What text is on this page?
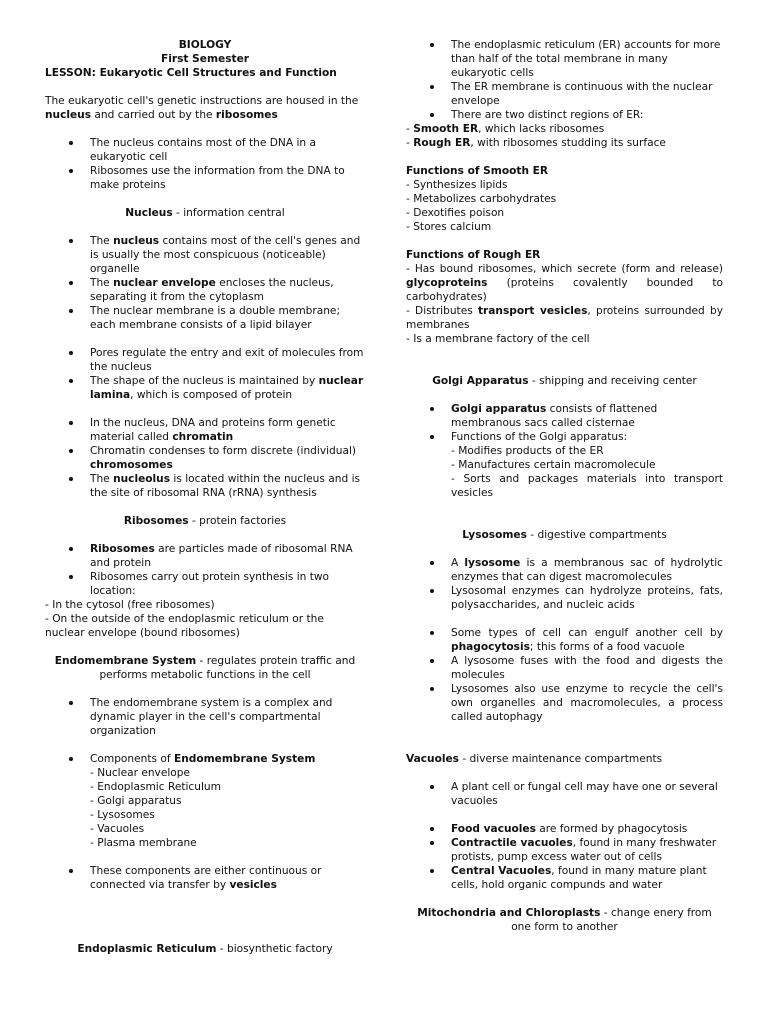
BIOLOGY

First Semester

LESSON: Eukaryotic Cell Structures and Function

The eukaryotic cell's genetic instructions are housed in the
nucleus and carried out by the ribosomes

The nucleus contains most of the DNA in a eukaryotic cell
Ribosomes use the information from the DNA to make proteins

Nucleus - information central

The nucleus contains most of the cell's genes and is usually the most conspicuous (noticeable) organelle
The nuclear envelope encloses the nucleus, separating it from the cytoplasm
The nuclear membrane is a double membrane; each membrane consists of a lipid bilayer
Pores regulate the entry and exit of molecules from the nucleus
The shape of the nucleus is maintained by nuclear lamina, which is composed of protein
In the nucleus, DNA and proteins form genetic material called chromatin
Chromatin condenses to form discrete (individual) chromosomes
The nucleolus is located within the nucleus and is the site of ribosomal RNA (rRNA) synthesis

Ribosomes - protein factories

Ribosomes are particles made of ribosomal RNA and protein
Ribosomes carry out protein synthesis in two location:

- In the cytosol (free ribosomes)

- On the outside of the endoplasmic reticulum or the nuclear envelope (bound ribosomes)

Endomembrane System - regulates protein traffic and performs metabolic functions in the cell

The endomembrane system is a complex and dynamic player in the cell's compartmental organization
Components of Endomembrane System
- Nuclear envelope
- Endoplasmic Reticulum
- Golgi apparatus
- Lysosomes
- Vacuoles
- Plasma membrane
These components are either continuous or connected via transfer by vesicles

Endoplasmic Reticulum - biosynthetic factory

The endoplasmic reticulum (ER) accounts for more than half of the total membrane in many eukaryotic cells
The ER membrane is continuous with the nuclear envelope
There are two distinct regions of ER:

- Smooth ER, which lacks ribosomes

- Rough ER, with ribosomes studding its surface

Functions of Smooth ER

- Synthesizes lipids

- Metabolizes carbohydrates

- Dexotifies poison

- Stores calcium

Functions of Rough ER

- Has bound ribosomes, which secrete (form and release) glycoproteins (proteins covalently bounded to carbohydrates)

- Distributes transport vesicles, proteins surrounded by membranes

- Is a membrane factory of the cell

Golgi Apparatus - shipping and receiving center

Golgi apparatus consists of flattened membranous sacs called cisternae
Functions of the Golgi apparatus:
- Modifies products of the ER
- Manufactures certain macromolecule
- Sorts and packages materials into transport vesicles

Lysosomes - digestive compartments

A lysosome is a membranous sac of hydrolytic enzymes that can digest macromolecules
Lysosomal enzymes can hydrolyze proteins, fats, polysaccharides, and nucleic acids
Some types of cell can engulf another cell by phagocytosis; this forms of a food vacuole
A lysosome fuses with the food and digests the molecules
Lysosomes also use enzyme to recycle the cell's own organelles and macromolecules, a process called autophagy

Vacuoles - diverse maintenance compartments

A plant cell or fungal cell may have one or several vacuoles
Food vacuoles are formed by phagocytosis
Contractile vacuoles, found in many freshwater protists, pump excess water out of cells
Central Vacuoles, found in many mature plant cells, hold organic compunds and water

Mitochondria and Chloroplasts - change enery from one form to another
